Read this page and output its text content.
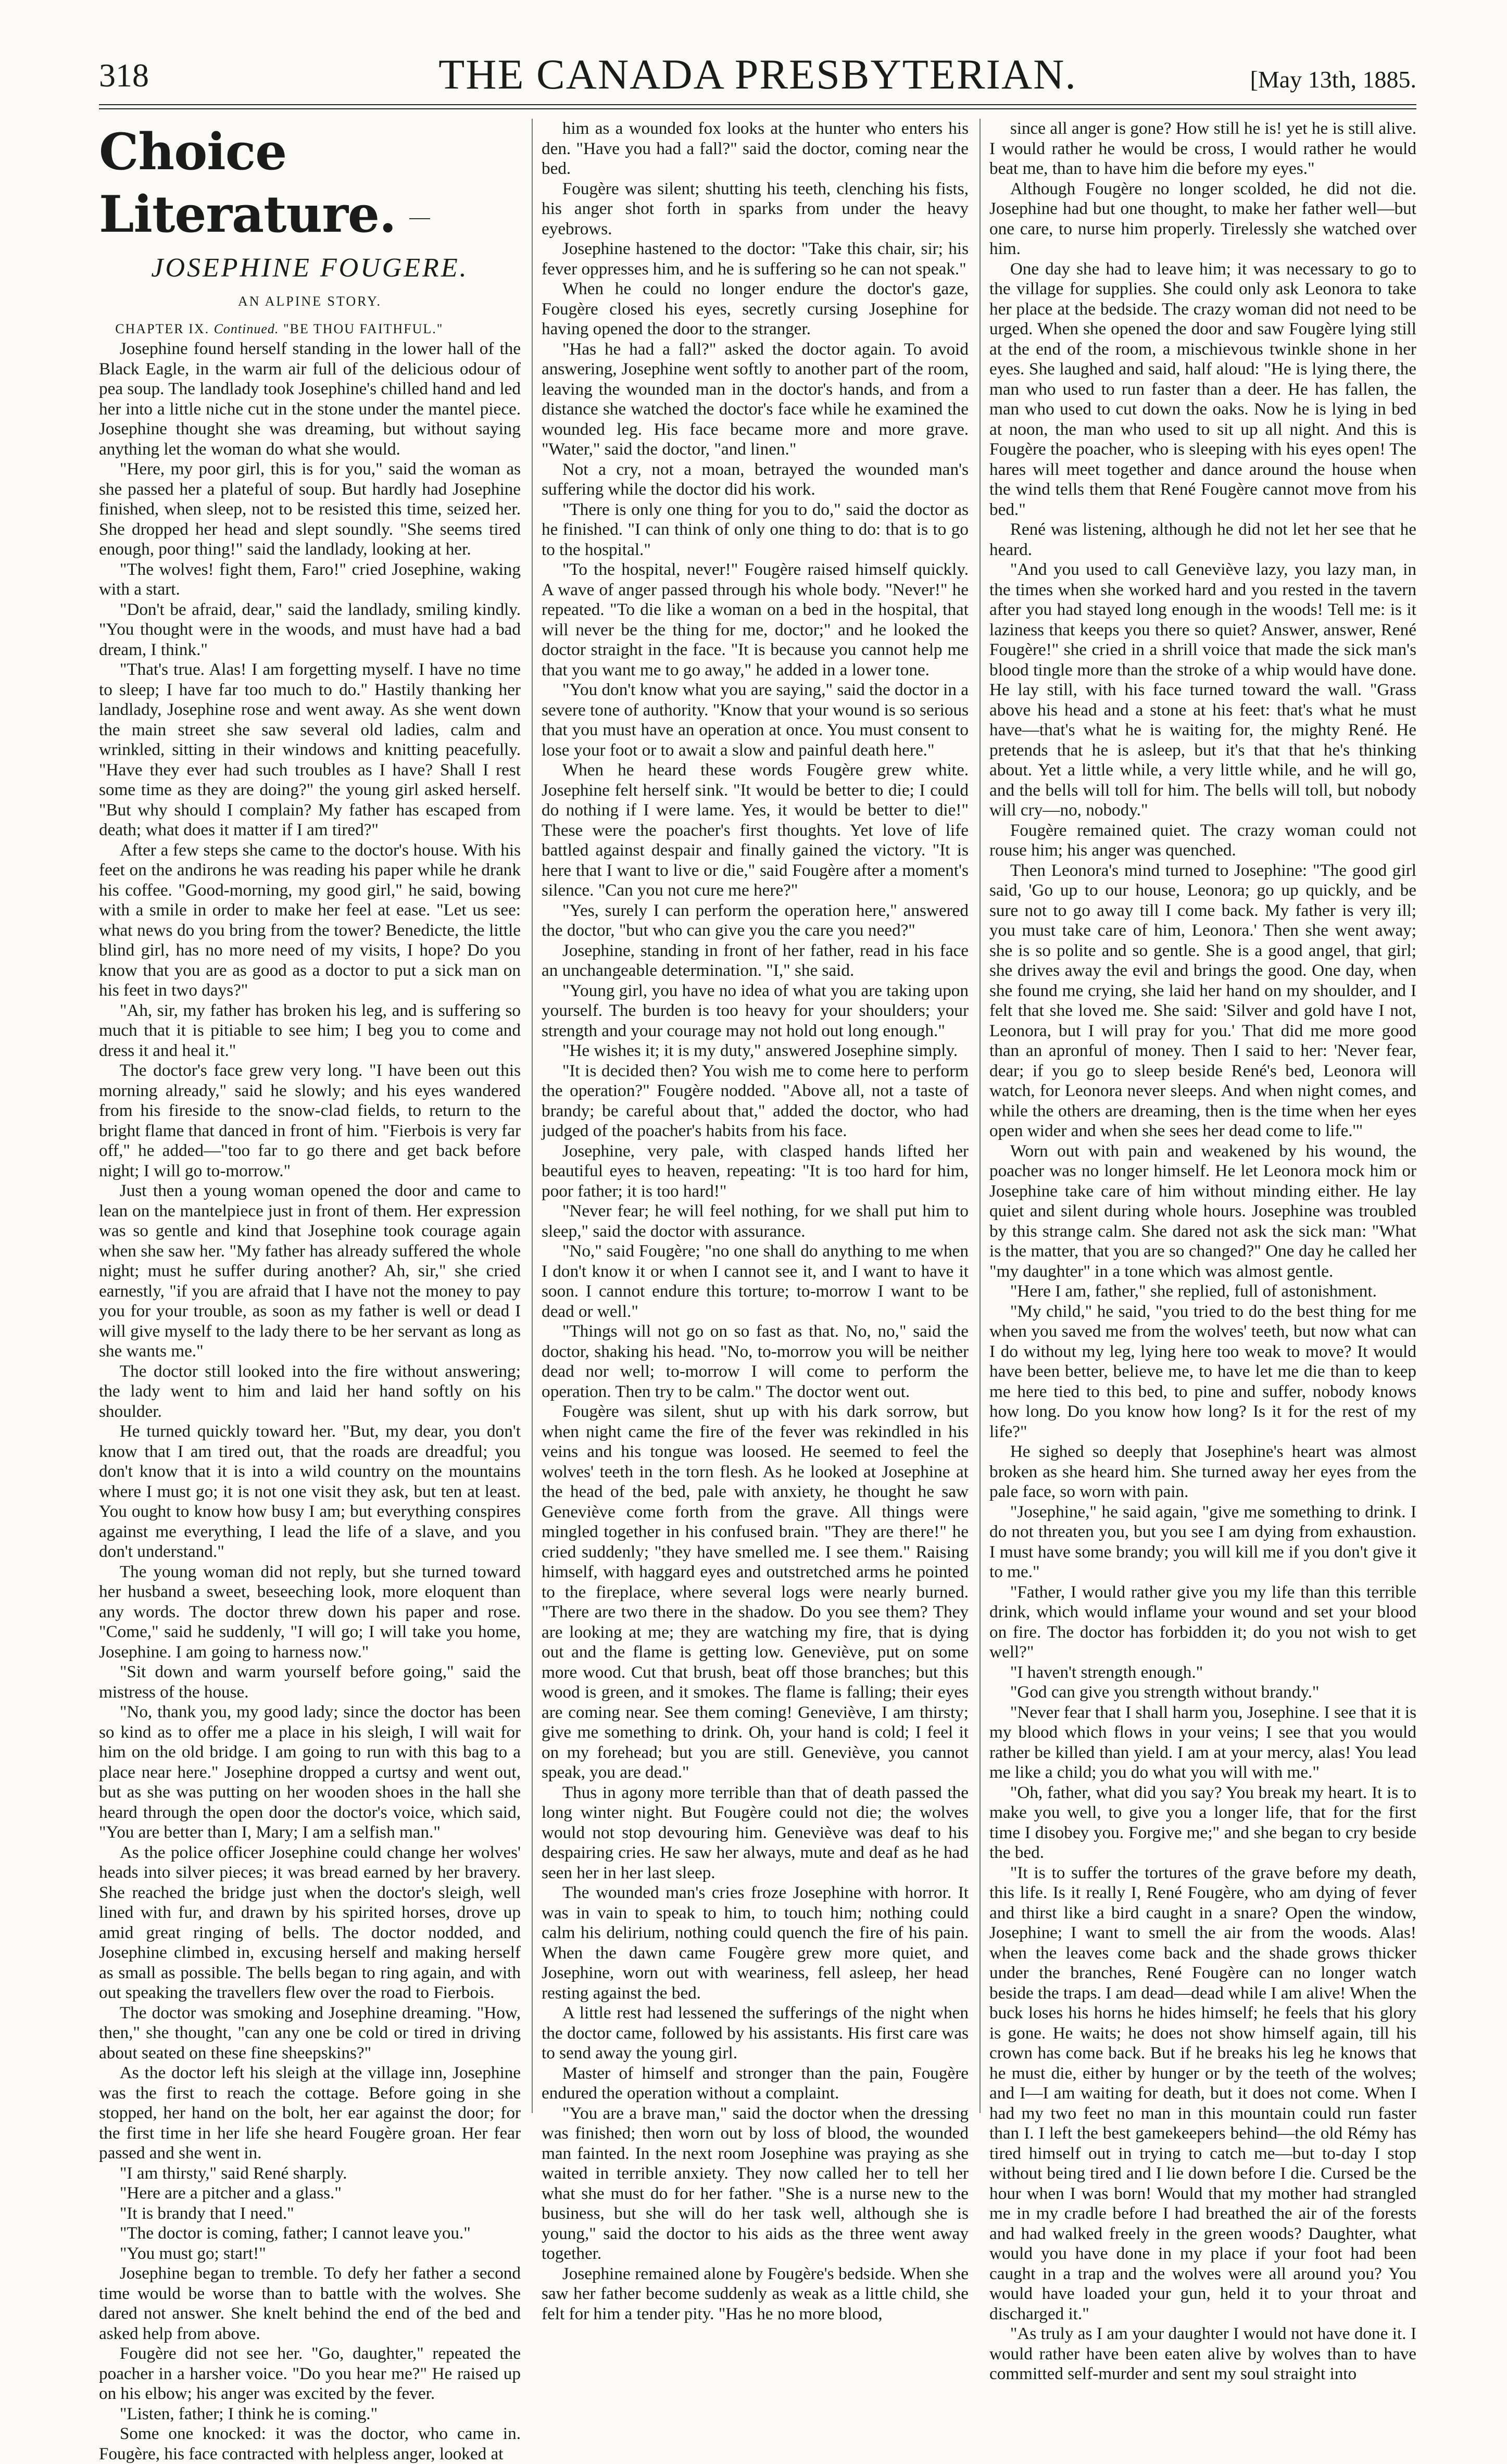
318	THE CANADA PRESBYTERIAN.	[May 13th, 1885.
Choice Literature.
JOSEPHINE FOUGERE.
AN ALPINE STORY.

CHAPTER IX. Continued. "BE THOU FAITHFUL."

Josephine found herself standing in the lower hall of the Black Eagle, in the warm air full of the delicious odour of pea soup. The landlady took Josephine's chilled hand and led her into a little niche cut in the stone under the mantel piece. Josephine thought she was dreaming, but without saying anything let the woman do what she would.

"Here, my poor girl, this is for you," said the woman as she passed her a plateful of soup. But hardly had Josephine finished, when sleep, not to be resisted this time, seized her. She dropped her head and slept soundly. "She seems tired enough, poor thing!" said the landlady, looking at her.

"The wolves! fight them, Faro!" cried Josephine, waking with a start.

"Don't be afraid, dear," said the landlady, smiling kindly. "You thought were in the woods, and must have had a bad dream, I think."

"That's true. Alas! I am forgetting myself. I have no time to sleep; I have far too much to do." Hastily thanking her landlady, Josephine rose and went away. As she went down the main street she saw several old ladies, calm and wrinkled, sitting in their windows and knitting peacefully. "Have they ever had such troubles as I have? Shall I rest some time as they are doing?" the young girl asked herself. "But why should I complain? My father has escaped from death; what does it matter if I am tired?"

After a few steps she came to the doctor's house. With his feet on the andirons he was reading his paper while he drank his coffee. "Good-morning, my good girl," he said, bowing with a smile in order to make her feel at ease. "Let us see: what news do you bring from the tower? Benedicte, the little blind girl, has no more need of my visits, I hope? Do you know that you are as good as a doctor to put a sick man on his feet in two days?"

"Ah, sir, my father has broken his leg, and is suffering so much that it is pitiable to see him; I beg you to come and dress it and heal it."

The doctor's face grew very long. "I have been out this morning already," said he slowly; and his eyes wandered from his fireside to the snow-clad fields, to return to the bright flame that danced in front of him. "Fierbois is very far off," he added—"too far to go there and get back before night; I will go to-morrow."

Just then a young woman opened the door and came to lean on the mantelpiece just in front of them. Her expression was so gentle and kind that Josephine took courage again when she saw her. "My father has already suffered the whole night; must he suffer during another? Ah, sir," she cried earnestly, "if you are afraid that I have not the money to pay you for your trouble, as soon as my father is well or dead I will give myself to the lady there to be her servant as long as she wants me."

The doctor still looked into the fire without answering; the lady went to him and laid her hand softly on his shoulder.

He turned quickly toward her. "But, my dear, you don't know that I am tired out, that the roads are dreadful; you don't know that it is into a wild country on the mountains where I must go; it is not one visit they ask, but ten at least. You ought to know how busy I am; but everything conspires against me everything, I lead the life of a slave, and you don't understand."

The young woman did not reply, but she turned toward her husband a sweet, beseeching look, more eloquent than any words. The doctor threw down his paper and rose. "Come," said he suddenly, "I will go; I will take you home, Josephine. I am going to harness now."

"Sit down and warm yourself before going," said the mistress of the house.

"No, thank you, my good lady; since the doctor has been so kind as to offer me a place in his sleigh, I will wait for him on the old bridge. I am going to run with this bag to a place near here." Josephine dropped a curtsy and went out, but as she was putting on her wooden shoes in the hall she heard through the open door the doctor's voice, which said, "You are better than I, Mary; I am a selfish man."

As the police officer Josephine could change her wolves' heads into silver pieces; it was bread earned by her bravery. She reached the bridge just when the doctor's sleigh, well lined with fur, and drawn by his spirited horses, drove up amid great ringing of bells. The doctor nodded, and Josephine climbed in, excusing herself and making herself as small as possible. The bells began to ring again, and with out speaking the travellers flew over the road to Fierbois.

The doctor was smoking and Josephine dreaming. "How, then," she thought, "can any one be cold or tired in driving about seated on these fine sheepskins?"

As the doctor left his sleigh at the village inn, Josephine was the first to reach the cottage. Before going in she stopped, her hand on the bolt, her ear against the door; for the first time in her life she heard Fougère groan. Her fear passed and she went in.

"I am thirsty," said René sharply.

"Here are a pitcher and a glass."

"It is brandy that I need."

"The doctor is coming, father; I cannot leave you."

"You must go; start!"

Josephine began to tremble. To defy her father a second time would be worse than to battle with the wolves. She dared not answer. She knelt behind the end of the bed and asked help from above.

Fougère did not see her. "Go, daughter," repeated the poacher in a harsher voice. "Do you hear me?" He raised up on his elbow; his anger was excited by the fever.

"Listen, father; I think he is coming."

Some one knocked: it was the doctor, who came in. Fougère, his face contracted with helpless anger, looked at

him as a wounded fox looks at the hunter who enters his den. "Have you had a fall?" said the doctor, coming near the bed.

Fougère was silent; shutting his teeth, clenching his fists, his anger shot forth in sparks from under the heavy eyebrows.

Josephine hastened to the doctor: "Take this chair, sir; his fever oppresses him, and he is suffering so he can not speak."

When he could no longer endure the doctor's gaze, Fougère closed his eyes, secretly cursing Josephine for having opened the door to the stranger.

"Has he had a fall?" asked the doctor again. To avoid answering, Josephine went softly to another part of the room, leaving the wounded man in the doctor's hands, and from a distance she watched the doctor's face while he examined the wounded leg. His face became more and more grave. "Water," said the doctor, "and linen."

Not a cry, not a moan, betrayed the wounded man's suffering while the doctor did his work.

"There is only one thing for you to do," said the doctor as he finished. "I can think of only one thing to do: that is to go to the hospital."

"To the hospital, never!" Fougère raised himself quickly. A wave of anger passed through his whole body. "Never!" he repeated. "To die like a woman on a bed in the hospital, that will never be the thing for me, doctor;" and he looked the doctor straight in the face. "It is because you cannot help me that you want me to go away," he added in a lower tone.

"You don't know what you are saying," said the doctor in a severe tone of authority. "Know that your wound is so serious that you must have an operation at once. You must consent to lose your foot or to await a slow and painful death here."

When he heard these words Fougère grew white. Josephine felt herself sink. "It would be better to die; I could do nothing if I were lame. Yes, it would be better to die!" These were the poacher's first thoughts. Yet love of life battled against despair and finally gained the victory. "It is here that I want to live or die," said Fougère after a moment's silence. "Can you not cure me here?"

"Yes, surely I can perform the operation here," answered the doctor, "but who can give you the care you need?"

Josephine, standing in front of her father, read in his face an unchangeable determination. "I," she said.

"Young girl, you have no idea of what you are taking upon yourself. The burden is too heavy for your shoulders; your strength and your courage may not hold out long enough."

"He wishes it; it is my duty," answered Josephine simply.

"It is decided then? You wish me to come here to perform the operation?" Fougère nodded. "Above all, not a taste of brandy; be careful about that," added the doctor, who had judged of the poacher's habits from his face.

Josephine, very pale, with clasped hands lifted her beautiful eyes to heaven, repeating: "It is too hard for him, poor father; it is too hard!"

"Never fear; he will feel nothing, for we shall put him to sleep," said the doctor with assurance.

"No," said Fougère; "no one shall do anything to me when I don't know it or when I cannot see it, and I want to have it soon. I cannot endure this torture; to-morrow I want to be dead or well."

"Things will not go on so fast as that. No, no," said the doctor, shaking his head. "No, to-morrow you will be neither dead nor well; to-morrow I will come to perform the operation. Then try to be calm." The doctor went out.

Fougère was silent, shut up with his dark sorrow, but when night came the fire of the fever was rekindled in his veins and his tongue was loosed. He seemed to feel the wolves' teeth in the torn flesh. As he looked at Josephine at the head of the bed, pale with anxiety, he thought he saw Geneviève come forth from the grave. All things were mingled together in his confused brain. "They are there!" he cried suddenly; "they have smelled me. I see them." Raising himself, with haggard eyes and outstretched arms he pointed to the fireplace, where several logs were nearly burned. "There are two there in the shadow. Do you see them? They are looking at me; they are watching my fire, that is dying out and the flame is getting low. Geneviève, put on some more wood. Cut that brush, beat off those branches; but this wood is green, and it smokes. The flame is falling; their eyes are coming near. See them coming! Geneviève, I am thirsty; give me something to drink. Oh, your hand is cold; I feel it on my forehead; but you are still. Geneviève, you cannot speak, you are dead."

Thus in agony more terrible than that of death passed the long winter night. But Fougère could not die; the wolves would not stop devouring him. Geneviève was deaf to his despairing cries. He saw her always, mute and deaf as he had seen her in her last sleep.

The wounded man's cries froze Josephine with horror. It was in vain to speak to him, to touch him; nothing could calm his delirium, nothing could quench the fire of his pain. When the dawn came Fougère grew more quiet, and Josephine, worn out with weariness, fell asleep, her head resting against the bed.

A little rest had lessened the sufferings of the night when the doctor came, followed by his assistants. His first care was to send away the young girl.

Master of himself and stronger than the pain, Fougère endured the operation without a complaint.

"You are a brave man," said the doctor when the dressing was finished; then worn out by loss of blood, the wounded man fainted. In the next room Josephine was praying as she waited in terrible anxiety. They now called her to tell her what she must do for her father. "She is a nurse new to the business, but she will do her task well, although she is young," said the doctor to his aids as the three went away together.

Josephine remained alone by Fougère's bedside. When she saw her father become suddenly as weak as a little child, she felt for him a tender pity. "Has he no more blood,

since all anger is gone? How still he is! yet he is still alive. I would rather he would be cross, I would rather he would beat me, than to have him die before my eyes."

Although Fougère no longer scolded, he did not die. Josephine had but one thought, to make her father well—but one care, to nurse him properly. Tirelessly she watched over him.

One day she had to leave him; it was necessary to go to the village for supplies. She could only ask Leonora to take her place at the bedside. The crazy woman did not need to be urged. When she opened the door and saw Fougère lying still at the end of the room, a mischievous twinkle shone in her eyes. She laughed and said, half aloud: "He is lying there, the man who used to run faster than a deer. He has fallen, the man who used to cut down the oaks. Now he is lying in bed at noon, the man who used to sit up all night. And this is Fougère the poacher, who is sleeping with his eyes open! The hares will meet together and dance around the house when the wind tells them that René Fougère cannot move from his bed."

René was listening, although he did not let her see that he heard.

"And you used to call Geneviève lazy, you lazy man, in the times when she worked hard and you rested in the tavern after you had stayed long enough in the woods! Tell me: is it laziness that keeps you there so quiet? Answer, answer, René Fougère!" she cried in a shrill voice that made the sick man's blood tingle more than the stroke of a whip would have done. He lay still, with his face turned toward the wall. "Grass above his head and a stone at his feet: that's what he must have—that's what he is waiting for, the mighty René. He pretends that he is asleep, but it's that that he's thinking about. Yet a little while, a very little while, and he will go, and the bells will toll for him. The bells will toll, but nobody will cry—no, nobody."

Fougère remained quiet. The crazy woman could not rouse him; his anger was quenched.

Then Leonora's mind turned to Josephine: "The good girl said, 'Go up to our house, Leonora; go up quickly, and be sure not to go away till I come back. My father is very ill; you must take care of him, Leonora.' Then she went away; she is so polite and so gentle. She is a good angel, that girl; she drives away the evil and brings the good. One day, when she found me crying, she laid her hand on my shoulder, and I felt that she loved me. She said: 'Silver and gold have I not, Leonora, but I will pray for you.' That did me more good than an apronful of money. Then I said to her: 'Never fear, dear; if you go to sleep beside René's bed, Leonora will watch, for Leonora never sleeps. And when night comes, and while the others are dreaming, then is the time when her eyes open wider and when she sees her dead come to life.'"

Worn out with pain and weakened by his wound, the poacher was no longer himself. He let Leonora mock him or Josephine take care of him without minding either. He lay quiet and silent during whole hours. Josephine was troubled by this strange calm. She dared not ask the sick man: "What is the matter, that you are so changed?" One day he called her "my daughter" in a tone which was almost gentle.

"Here I am, father," she replied, full of astonishment.

"My child," he said, "you tried to do the best thing for me when you saved me from the wolves' teeth, but now what can I do without my leg, lying here too weak to move? It would have been better, believe me, to have let me die than to keep me here tied to this bed, to pine and suffer, nobody knows how long. Do you know how long? Is it for the rest of my life?"

He sighed so deeply that Josephine's heart was almost broken as she heard him. She turned away her eyes from the pale face, so worn with pain.

"Josephine," he said again, "give me something to drink. I do not threaten you, but you see I am dying from exhaustion. I must have some brandy; you will kill me if you don't give it to me."

"Father, I would rather give you my life than this terrible drink, which would inflame your wound and set your blood on fire. The doctor has forbidden it; do you not wish to get well?"

"I haven't strength enough."

"God can give you strength without brandy."

"Never fear that I shall harm you, Josephine. I see that it is my blood which flows in your veins; I see that you would rather be killed than yield. I am at your mercy, alas! You lead me like a child; you do what you will with me."

"Oh, father, what did you say? You break my heart. It is to make you well, to give you a longer life, that for the first time I disobey you. Forgive me;" and she began to cry beside the bed.

"It is to suffer the tortures of the grave before my death, this life. Is it really I, René Fougère, who am dying of fever and thirst like a bird caught in a snare? Open the window, Josephine; I want to smell the air from the woods. Alas! when the leaves come back and the shade grows thicker under the branches, René Fougère can no longer watch beside the traps. I am dead—dead while I am alive! When the buck loses his horns he hides himself; he feels that his glory is gone. He waits; he does not show himself again, till his crown has come back. But if he breaks his leg he knows that he must die, either by hunger or by the teeth of the wolves; and I—I am waiting for death, but it does not come. When I had my two feet no man in this mountain could run faster than I. I left the best gamekeepers behind—the old Rémy has tired himself out in trying to catch me—but to-day I stop without being tired and I lie down before I die. Cursed be the hour when I was born! Would that my mother had strangled me in my cradle before I had breathed the air of the forests and had walked freely in the green woods? Daughter, what would you have done in my place if your foot had been caught in a trap and the wolves were all around you? You would have loaded your gun, held it to your throat and discharged it."

"As truly as I am your daughter I would not have done it. I would rather have been eaten alive by wolves than to have committed self-murder and sent my soul straight into
